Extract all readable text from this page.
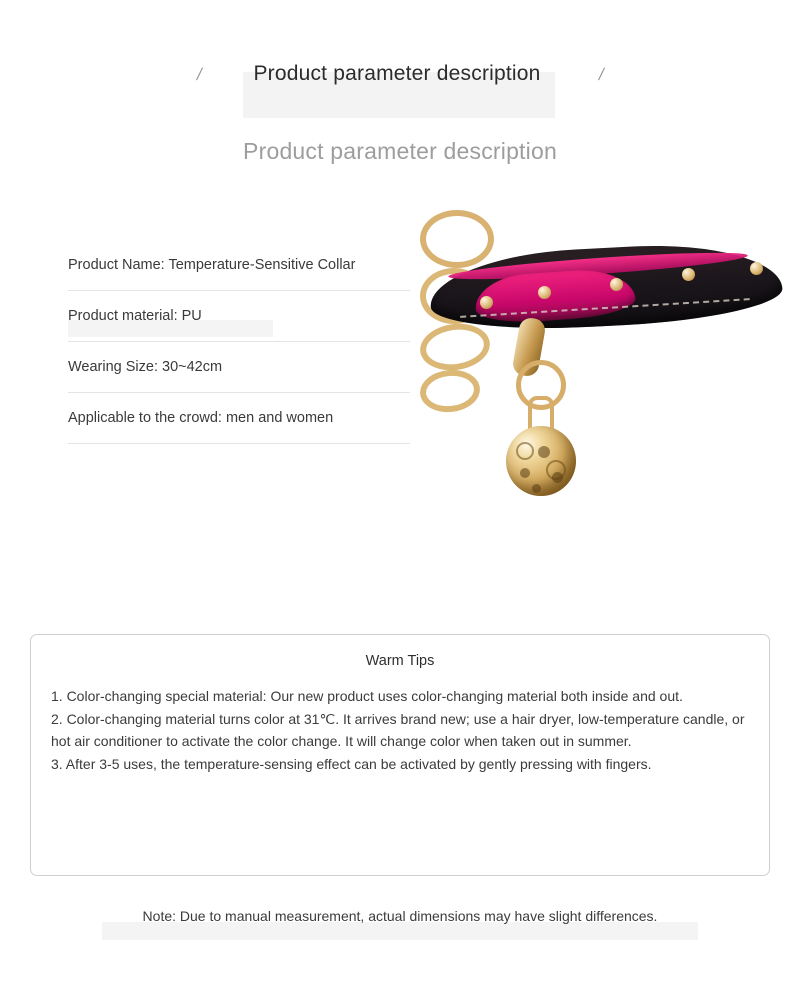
/ Product parameter description	/
Product parameter description
Product Name: Temperature-Sensitive Collar
Product material: PU
Wearing Size: 30~42cm
Applicable to the crowd: men and women
Warm Tips

1. Color-changing special material: Our new product uses color-changing material both inside and out.

2. Color-changing material turns color at 31℃. It arrives brand new; use a hair dryer, low-temperature candle, or hot air conditioner to activate the color change. It will change color when taken out in summer.

3. After 3-5 uses, the temperature-sensing effect can be activated by gently pressing with fingers.

Note: Due to manual measurement, actual dimensions may have slight differences.
